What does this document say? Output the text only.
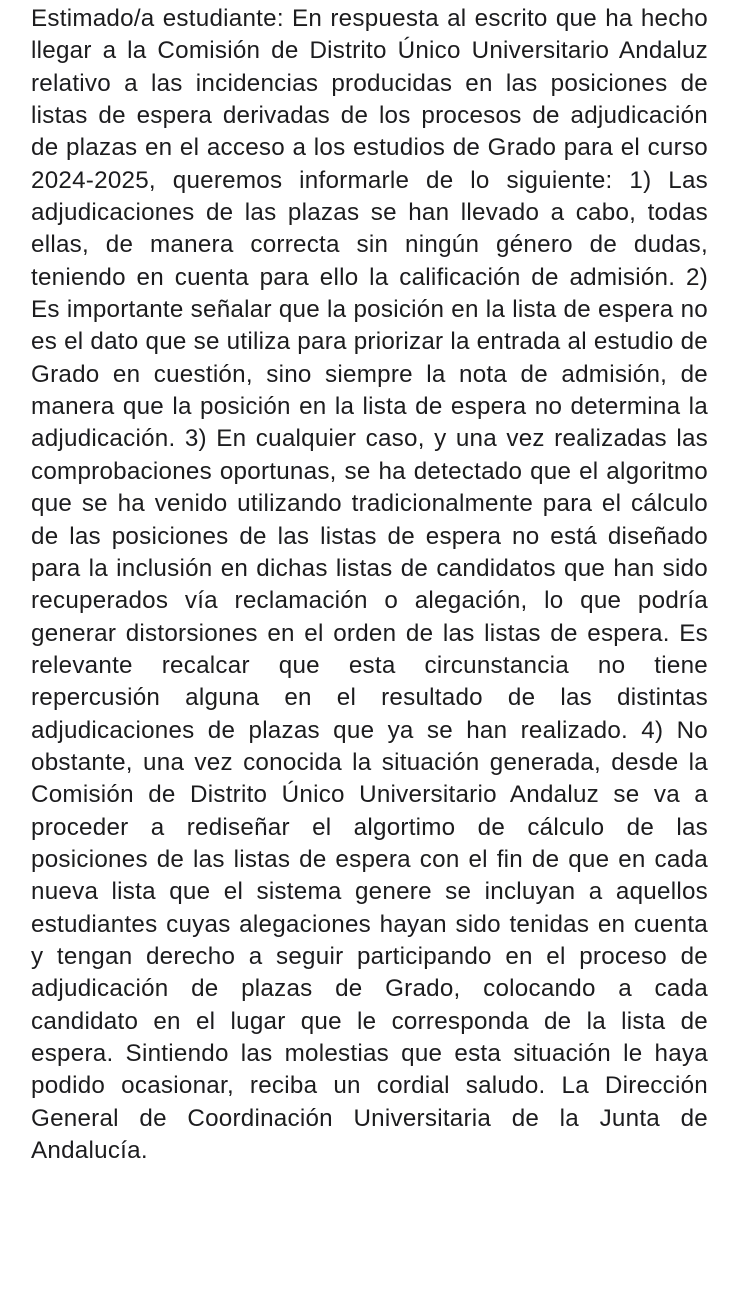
Estimado/a estudiante: En respuesta al escrito que ha hecho llegar a la Comisión de Distrito Único Universitario Andaluz relativo a las incidencias producidas en las posiciones de listas de espera derivadas de los procesos de adjudicación de plazas en el acceso a los estudios de Grado para el curso 2024-2025, queremos informarle de lo siguiente: 1) Las adjudicaciones de las plazas se han llevado a cabo, todas ellas, de manera correcta sin ningún género de dudas, teniendo en cuenta para ello la calificación de admisión. 2) Es importante señalar que la posición en la lista de espera no es el dato que se utiliza para priorizar la entrada al estudio de Grado en cuestión, sino siempre la nota de admisión, de manera que la posición en la lista de espera no determina la adjudicación. 3) En cualquier caso, y una vez realizadas las comprobaciones oportunas, se ha detectado que el algoritmo que se ha venido utilizando tradicionalmente para el cálculo de las posiciones de las listas de espera no está diseñado para la inclusión en dichas listas de candidatos que han sido recuperados vía reclamación o alegación, lo que podría generar distorsiones en el orden de las listas de espera. Es relevante recalcar que esta circunstancia no tiene repercusión alguna en el resultado de las distintas adjudicaciones de plazas que ya se han realizado. 4) No obstante, una vez conocida la situación generada, desde la Comisión de Distrito Único Universitario Andaluz se va a proceder a rediseñar el algortimo de cálculo de las posiciones de las listas de espera con el fin de que en cada nueva lista que el sistema genere se incluyan a aquellos estudiantes cuyas alegaciones hayan sido tenidas en cuenta y tengan derecho a seguir participando en el proceso de adjudicación de plazas de Grado, colocando a cada candidato en el lugar que le corresponda de la lista de espera. Sintiendo las molestias que esta situación le haya podido ocasionar, reciba un cordial saludo. La Dirección General de Coordinación Universitaria de la Junta de Andalucía.
